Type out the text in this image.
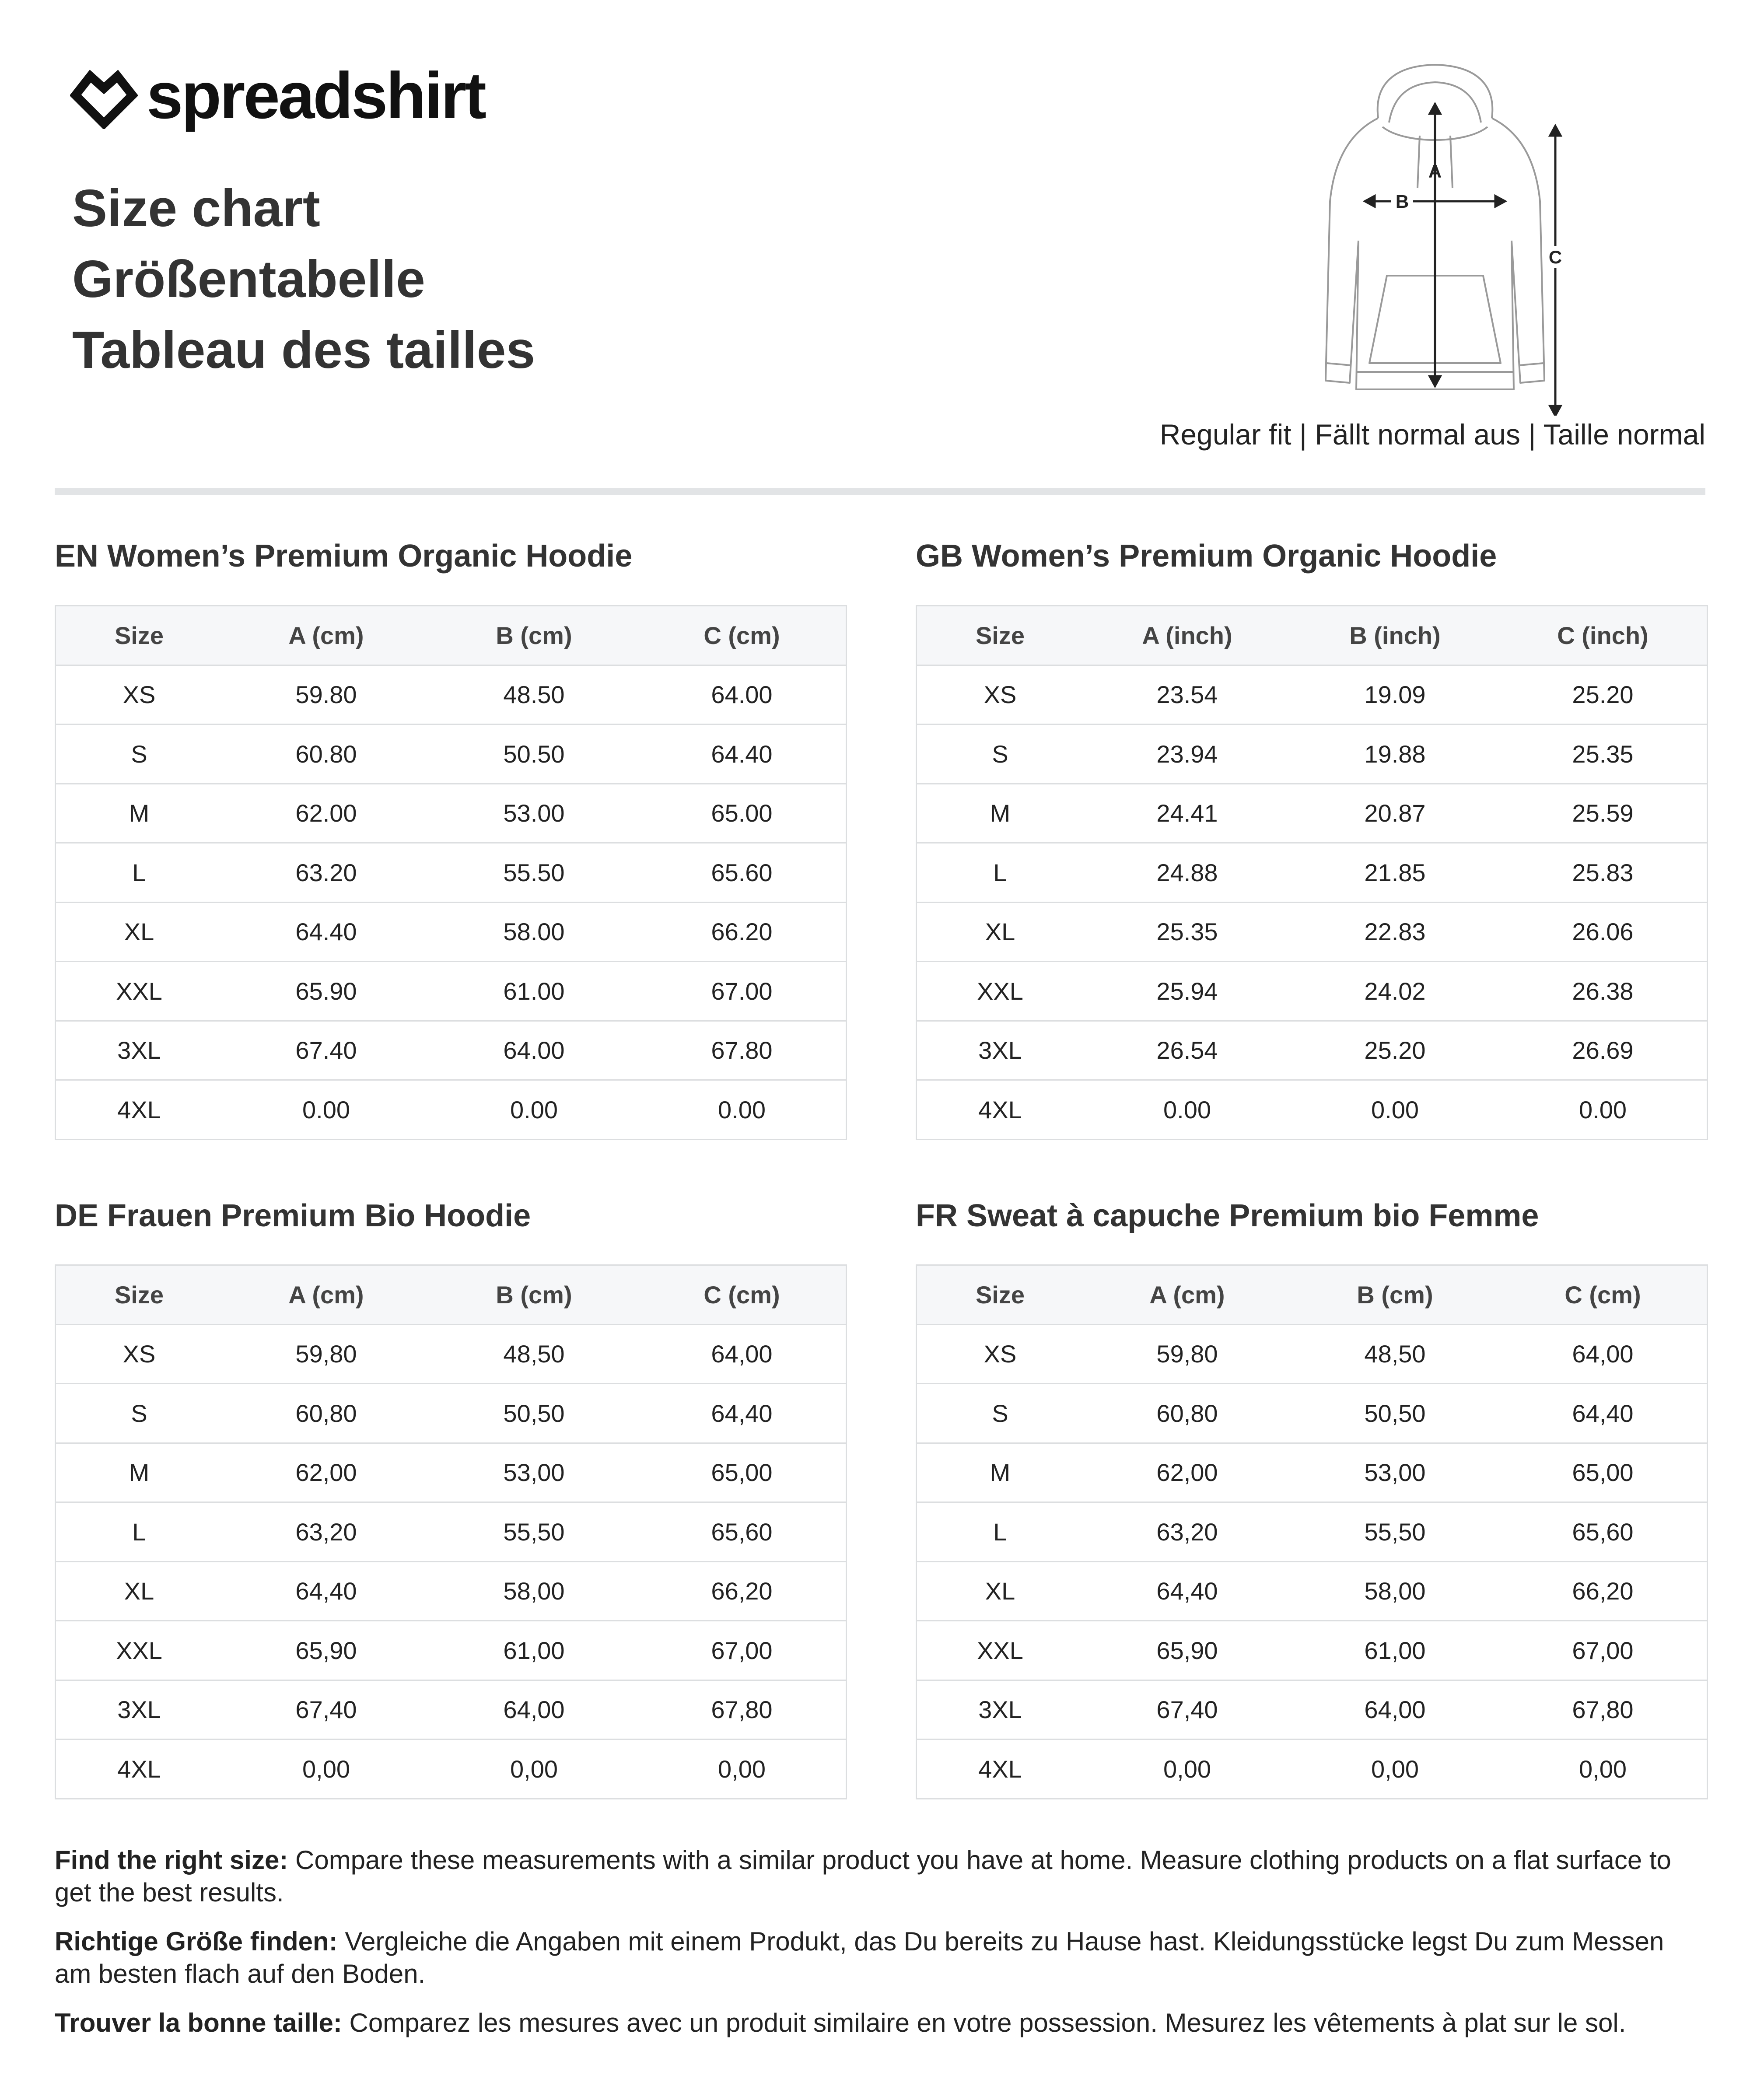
spreadshirt
Size chart
Größentabelle
Tableau des tailles
A
B
C
Regular fit | Fällt normal aus | Taille normal
EN Women’s Premium Organic Hoodie	GB Women’s Premium Organic Hoodie
DE Frauen Premium Bio Hoodie	FR Sweat à capuche Premium bio Femme
Size	A (cm)	B (cm)	C (cm)
XS	59.80	48.50	64.00
S	60.80	50.50	64.40
M	62.00	53.00	65.00
L	63.20	55.50	65.60
XL	64.40	58.00	66.20
XXL	65.90	61.00	67.00
3XL	67.40	64.00	67.80
4XL	0.00	0.00	0.00
Size	A (inch)	B (inch)	C (inch)
XS	23.54	19.09	25.20
S	23.94	19.88	25.35
M	24.41	20.87	25.59
L	24.88	21.85	25.83
XL	25.35	22.83	26.06
XXL	25.94	24.02	26.38
3XL	26.54	25.20	26.69
4XL	0.00	0.00	0.00
Size	A (cm)	B (cm)	C (cm)
XS	59,80	48,50	64,00
S	60,80	50,50	64,40
M	62,00	53,00	65,00
L	63,20	55,50	65,60
XL	64,40	58,00	66,20
XXL	65,90	61,00	67,00
3XL	67,40	64,00	67,80
4XL	0,00	0,00	0,00
Size	A (cm)	B (cm)	C (cm)
XS	59,80	48,50	64,00
S	60,80	50,50	64,40
M	62,00	53,00	65,00
L	63,20	55,50	65,60
XL	64,40	58,00	66,20
XXL	65,90	61,00	67,00
3XL	67,40	64,00	67,80
4XL	0,00	0,00	0,00

Find the right size: Compare these measurements with a similar product you have at home. Measure clothing products on a flat surface to get the best results.

Richtige Größe finden: Vergleiche die Angaben mit einem Produkt, das Du bereits zu Hause hast. Kleidungsstücke legst Du zum Messen am besten flach auf den Boden.

Trouver la bonne taille: Comparez les mesures avec un produit similaire en votre possession. Mesurez les vêtements à plat sur le sol.
